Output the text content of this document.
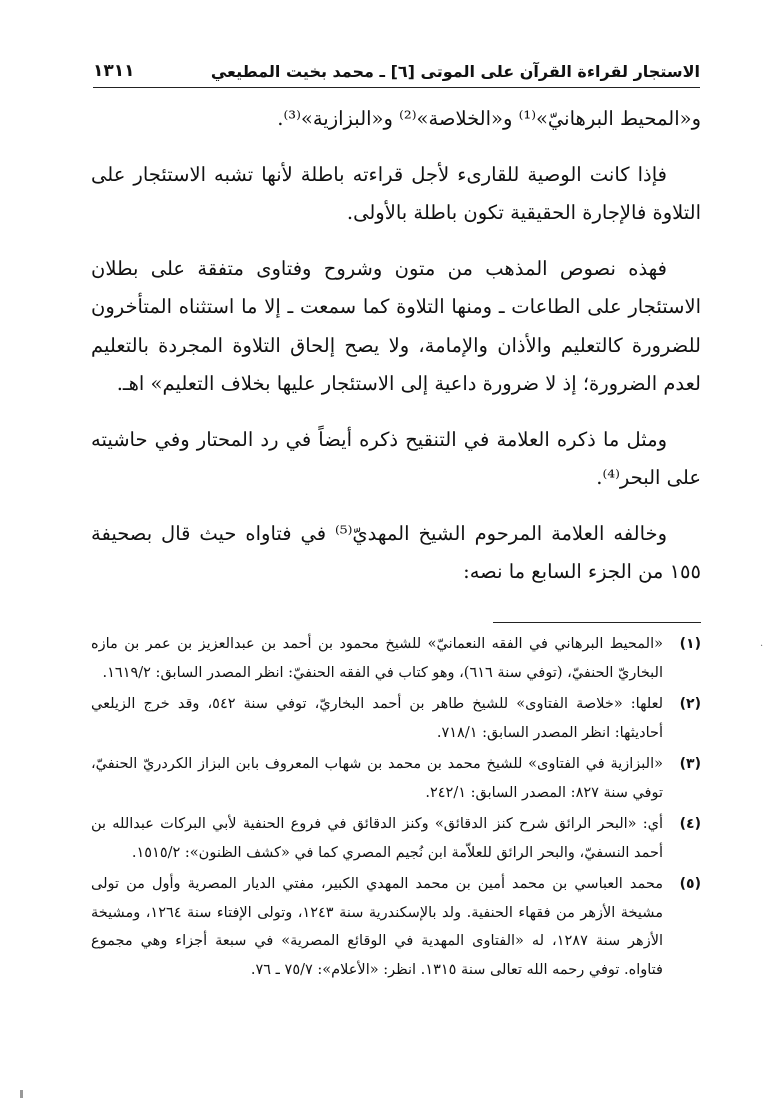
الاستجار لقراءة القرآن على الموتى [٦] ـ محمد بخيت المطيعي
١٣١١

و«المحيط البرهانيّ»⁽¹⁾ و«الخلاصة»⁽²⁾ و«البزازية»⁽³⁾.

فإذا كانت الوصية للقارىء لأجل قراءته باطلة لأنها تشبه الاستئجار على التلاوة فالإجارة الحقيقية تكون باطلة بالأولى.

فهذه نصوص المذهب من متون وشروح وفتاوى متفقة على بطلان الاستئجار على الطاعات ـ ومنها التلاوة كما سمعت ـ إلا ما استثناه المتأخرون للضرورة كالتعليم والأذان والإمامة، ولا يصح إلحاق التلاوة المجردة بالتعليم لعدم الضرورة؛ إذ لا ضرورة داعية إلى الاستئجار عليها بخلاف التعليم» اهـ.

ومثل ما ذكره العلامة في التنقيح ذكره أيضاً في رد المحتار وفي حاشيته على البحر⁽⁴⁾.

وخالفه العلامة المرحوم الشيخ المهديّ⁽⁵⁾ في فتاواه حيث قال بصحيفة ١٥٥ من الجزء السابع ما نصه:

(١)
«المحيط البرهاني في الفقه النعمانيّ» للشيخ محمود بن أحمد بن عبدالعزيز بن عمر بن مازه البخاريّ الحنفيّ، (توفي سنة ٦١٦)، وهو كتاب في الفقه الحنفيّ: انظر المصدر السابق: ١٦١٩/٢.
(٢)
لعلها: «خلاصة الفتاوى» للشيخ طاهر بن أحمد البخاريّ، توفي سنة ٥٤٢، وقد خرج الزيلعي أحاديثها: انظر المصدر السابق: ٧١٨/١.
(٣)
«البزازية في الفتاوى» للشيخ محمد بن محمد بن شهاب المعروف بابن البزاز الكردريّ الحنفيّ، توفي سنة ٨٢٧: المصدر السابق: ٢٤٢/١.
(٤)
أي: «البحر الرائق شرح كنز الدقائق» وكنز الدقائق في فروع الحنفية لأبي البركات عبدالله بن أحمد النسفيّ، والبحر الرائق للعلاّمة ابن نُجيم المصري كما في «كشف الظنون»: ١٥١٥/٢.
(٥)
محمد العباسي بن محمد أمين بن محمد المهدي الكبير، مفتي الديار المصرية وأول من تولى مشيخة الأزهر من فقهاء الحنفية. ولد بالإسكندرية سنة ١٢٤٣، وتولى الإفتاء سنة ١٢٦٤، ومشيخة الأزهر سنة ١٢٨٧، له «الفتاوى المهدية في الوقائع المصرية» في سبعة أجزاء وهي مجموع فتاواه. توفي رحمه الله تعالى سنة ١٣١٥. انظر: «الأعلام»: ٧٥/٧ ـ ٧٦.
·
